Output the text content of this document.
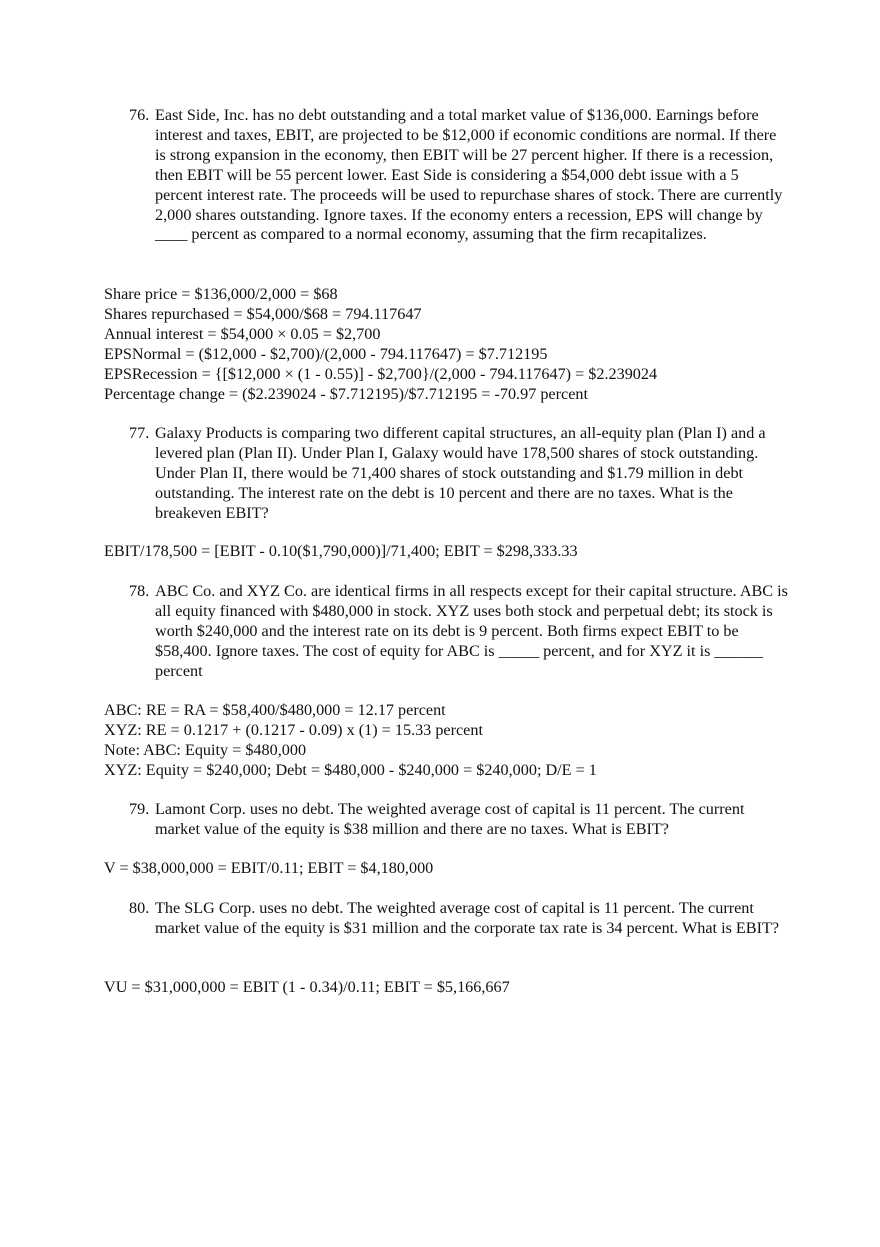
76. East Side, Inc. has no debt outstanding and a total market value of $136,000. Earnings before interest and taxes, EBIT, are projected to be $12,000 if economic conditions are normal. If there is strong expansion in the economy, then EBIT will be 27 percent higher. If there is a recession, then EBIT will be 55 percent lower. East Side is considering a $54,000 debt issue with a 5 percent interest rate. The proceeds will be used to repurchase shares of stock. There are currently 2,000 shares outstanding. Ignore taxes. If the economy enters a recession, EPS will change by ____ percent as compared to a normal economy, assuming that the firm recapitalizes.
Share price = $136,000/2,000 = $68
Shares repurchased = $54,000/$68 = 794.117647
Annual interest = $54,000 × 0.05 = $2,700
EPSNormal = ($12,000 - $2,700)/(2,000 - 794.117647) = $7.712195
EPSRecession = {[$12,000 × (1 - 0.55)] - $2,700}/(2,000 - 794.117647) = $2.239024
Percentage change = ($2.239024 - $7.712195)/$7.712195 = -70.97 percent
77. Galaxy Products is comparing two different capital structures, an all-equity plan (Plan I) and a levered plan (Plan II). Under Plan I, Galaxy would have 178,500 shares of stock outstanding. Under Plan II, there would be 71,400 shares of stock outstanding and $1.79 million in debt outstanding. The interest rate on the debt is 10 percent and there are no taxes. What is the breakeven EBIT?
EBIT/178,500 = [EBIT - 0.10($1,790,000)]/71,400; EBIT = $298,333.33
78. ABC Co. and XYZ Co. are identical firms in all respects except for their capital structure. ABC is all equity financed with $480,000 in stock. XYZ uses both stock and perpetual debt; its stock is worth $240,000 and the interest rate on its debt is 9 percent. Both firms expect EBIT to be $58,400. Ignore taxes. The cost of equity for ABC is _____ percent, and for XYZ it is ______ percent
ABC: RE = RA = $58,400/$480,000 = 12.17 percent
XYZ: RE = 0.1217 + (0.1217 - 0.09) x (1) = 15.33 percent
Note: ABC: Equity = $480,000
XYZ: Equity = $240,000; Debt = $480,000 - $240,000 = $240,000; D/E = 1
79. Lamont Corp. uses no debt. The weighted average cost of capital is 11 percent. The current market value of the equity is $38 million and there are no taxes. What is EBIT?
V = $38,000,000 = EBIT/0.11; EBIT = $4,180,000
80. The SLG Corp. uses no debt. The weighted average cost of capital is 11 percent. The current market value of the equity is $31 million and the corporate tax rate is 34 percent. What is EBIT?
VU = $31,000,000 = EBIT (1 - 0.34)/0.11; EBIT = $5,166,667
